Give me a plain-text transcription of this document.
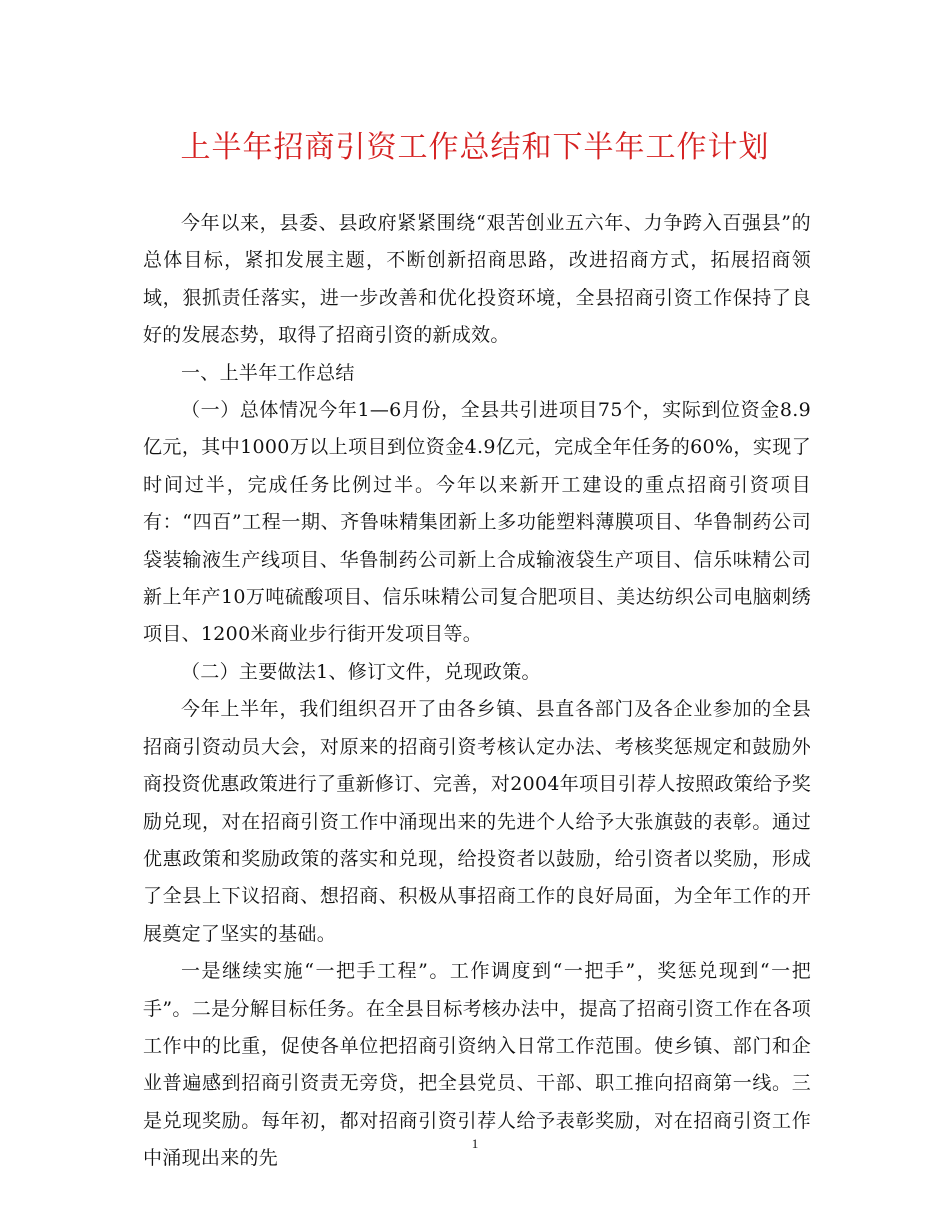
上半年招商引资工作总结和下半年工作计划

今年以来，县委、县政府紧紧围绕“艰苦创业五六年、力争跨入百强县”的总体目标，紧扣发展主题，不断创新招商思路，改进招商方式，拓展招商领域，狠抓责任落实，进一步改善和优化投资环境，全县招商引资工作保持了良好的发展态势，取得了招商引资的新成效。

一、上半年工作总结

（一）总体情况今年1—6月份，全县共引进项目75个，实际到位资金8.9亿元，其中1000万以上项目到位资金4.9亿元，完成全年任务的60%，实现了时间过半，完成任务比例过半。今年以来新开工建设的重点招商引资项目有：“四百”工程一期、齐鲁味精集团新上多功能塑料薄膜项目、华鲁制药公司袋装输液生产线项目、华鲁制药公司新上合成输液袋生产项目、信乐味精公司新上年产10万吨硫酸项目、信乐味精公司复合肥项目、美达纺织公司电脑刺绣项目、1200米商业步行街开发项目等。

（二）主要做法1、修订文件，兑现政策。

今年上半年，我们组织召开了由各乡镇、县直各部门及各企业参加的全县招商引资动员大会，对原来的招商引资考核认定办法、考核奖惩规定和鼓励外商投资优惠政策进行了重新修订、完善，对2004年项目引荐人按照政策给予奖励兑现，对在招商引资工作中涌现出来的先进个人给予大张旗鼓的表彰。通过优惠政策和奖励政策的落实和兑现，给投资者以鼓励，给引资者以奖励，形成了全县上下议招商、想招商、积极从事招商工作的良好局面，为全年工作的开展奠定了坚实的基础。

一是继续实施“一把手工程”。工作调度到“一把手”，奖惩兑现到“一把手”。二是分解目标任务。在全县目标考核办法中，提高了招商引资工作在各项工作中的比重，促使各单位把招商引资纳入日常工作范围。使乡镇、部门和企业普遍感到招商引资责无旁贷，把全县党员、干部、职工推向招商第一线。三是兑现奖励。每年初，都对招商引资引荐人给予表彰奖励，对在招商引资工作中涌现出来的先

1
